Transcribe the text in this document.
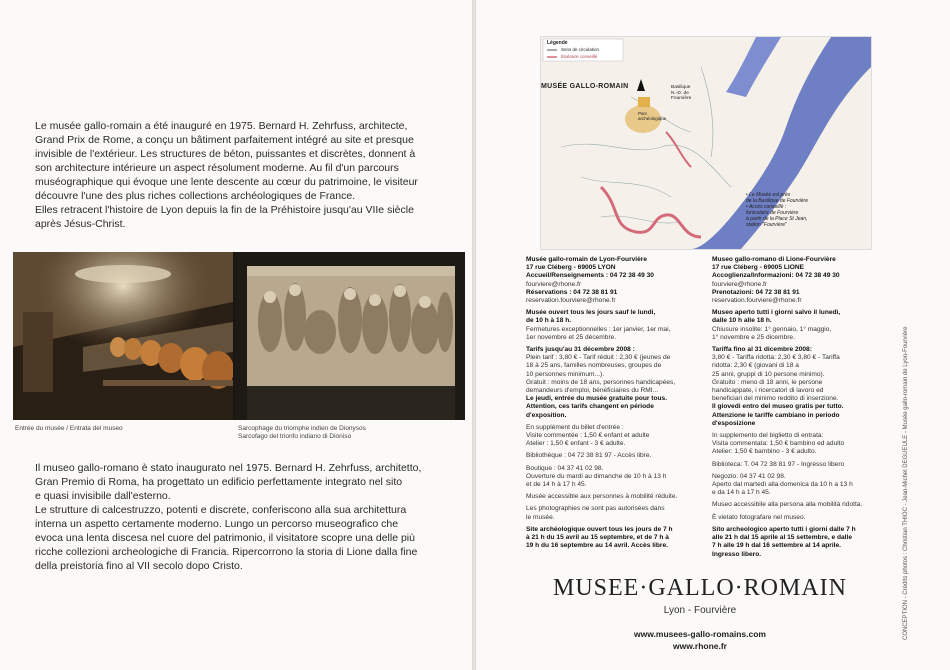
Le musée gallo-romain a été inauguré en 1975. Bernard H. Zehrfuss, architecte,

Grand Prix de Rome, a conçu un bâtiment parfaitement intégré au site et presque

invisible de l'extérieur. Les structures de béton, puissantes et discrètes, donnent à

son architecture intérieure un aspect résolument moderne. Au fil d'un parcours

muséographique qui évoque une lente descente au cœur du patrimoine, le visiteur

découvre l'une des plus riches collections archéologiques de France.

Elles retracent l'histoire de Lyon depuis la fin de la Préhistoire jusqu'au VIIe siècle

après Jésus-Christ.

Entrée du musée / Entrata del museo	Sarcophage du triomphe indien de Dionysos
Sarcofago del trionfo indiano di Dioniso

Il museo gallo-romano è stato inaugurato nel 1975. Bernard H. Zehrfuss, architetto,

Gran Premio di Roma, ha progettato un edificio perfettamente integrato nel sito

e quasi invisibile dall'esterno.

Le strutture di calcestruzzo, potenti e discrete, conferiscono alla sua architettura

interna un aspetto certamente moderno. Lungo un percorso museografico che

evoca una lenta discesa nel cuore del patrimonio, il visitatore scopre una delle più

ricche collezioni archeologiche di Francia. Ripercorrono la storia di Lione dalla fine

della preistoria fino al VII secolo dopo Cristo.

Légende
Sens de circulation
Itinéraire conseillé
MUSÉE GALLO-ROMAIN	Basilique
N.-D. de
Fourvière
Parc
archéologique
• Le Musée est près
de la Basilique de Fourvière
• Accès conseillé :
funiculaire de Fourvière
à partir de la Place St Jean,
station "Fourvière"
Musée gallo-romain de Lyon-Fourvière
17 rue Cléberg - 69005 LYON
Accueil/Renseignements : 04 72 38 49 30
fourviere@rhone.fr
Réservations : 04 72 38 81 91
reservation.fourviere@rhone.fr
Musée ouvert tous les jours sauf le lundi,
de 10 h à 18 h.
Fermetures exceptionnelles : 1er janvier, 1er mai,
1er novembre et 25 décembre.
Tarifs jusqu'au 31 décembre 2008 :
Plein tarif : 3,80 € - Tarif réduit : 2,30 € (jeunes de
18 à 25 ans, familles nombreuses, groupes de
10 personnes minimum...).
Gratuit : moins de 18 ans, personnes handicapées,
demandeurs d'emploi, bénéficiaires du RMI...
Le jeudi, entrée du musée gratuite pour tous.
Attention, ces tarifs changent en période
d'exposition.
En supplément du billet d'entrée :
Visite commentée : 1,50 € enfant et adulte
Atelier : 1,50 € enfant - 3 € adulte.
Bibliothèque : 04 72 38 81 97 - Accès libre.
Boutique : 04 37 41 02 98.
Ouverture du mardi au dimanche de 10 h à 13 h
et de 14 h à 17 h 45.
Musée accessible aux personnes à mobilité réduite.
Les photographies ne sont pas autorisées dans
le musée.
Site archéologique ouvert tous les jours de 7 h
à 21 h du 15 avril au 15 septembre, et de 7 h à
19 h du 16 septembre au 14 avril. Accès libre.
Museo gallo-romano di Lione-Fourvière
17 rue Cléberg - 69005 LIONE
Accoglienza/Informazioni: 04 72 38 49 30
fourviere@rhone.fr
Prenotazioni: 04 72 38 81 91
reservation.fourviere@rhone.fr
Museo aperto tutti i giorni salvo il lunedì,
dalle 10 h alle 18 h.
Chiusure insolite: 1° gennaio, 1° maggio,
1° novembre e 25 dicembre.
Tariffa fino al 31 dicembre 2008:
3,80 € - Tariffa ridotta: 2,30 € 3,80 € - Tariffa
ridotta: 2,30 € (giovani di 18 a
25 anni, gruppi di 10 persone minimo).
Gratuito : meno di 18 anni, le persone
handicappate, i ricercatori di lavoro ed
beneficiari del minimo reddito di inserzione.
Il giovedì entro del museo gratis per tutto.
Attenzione le tariffe cambiano in periodo
d'esposizione
In supplemento del biglietto di entrata:
Visita commentata: 1,50 € bambino ed adulto
Atelier: 1,50 € bambino - 3 € adulto.
Biblioteca: T. 04 72 38 81 97 - Ingresso libero
Negozio: 04 37 41 02 98.
Aperto dal martedì alla domenica da 10 h a 13 h
e da 14 h a 17 h 45.
Museo accessibile alla persona alla mobilità ridotta.
È vietato fotografare nel museo.
Sito archeologico aperto tutti i giorni dalle 7 h
alle 21 h dal 15 aprile al 15 settembre, e dalle
7 h alle 19 h dal 16 settembre al 14 aprile.
Ingresso libero.
MUSEE·GALLO·ROMAIN
Lyon - Fourvière
www.musees-gallo-romains.com
www.rhone.fr
CONCEPTION - Crédits photos : Christian THIOC - Jean-Michel DEGUEULE - Musée gallo-romain de Lyon-Fourvière
